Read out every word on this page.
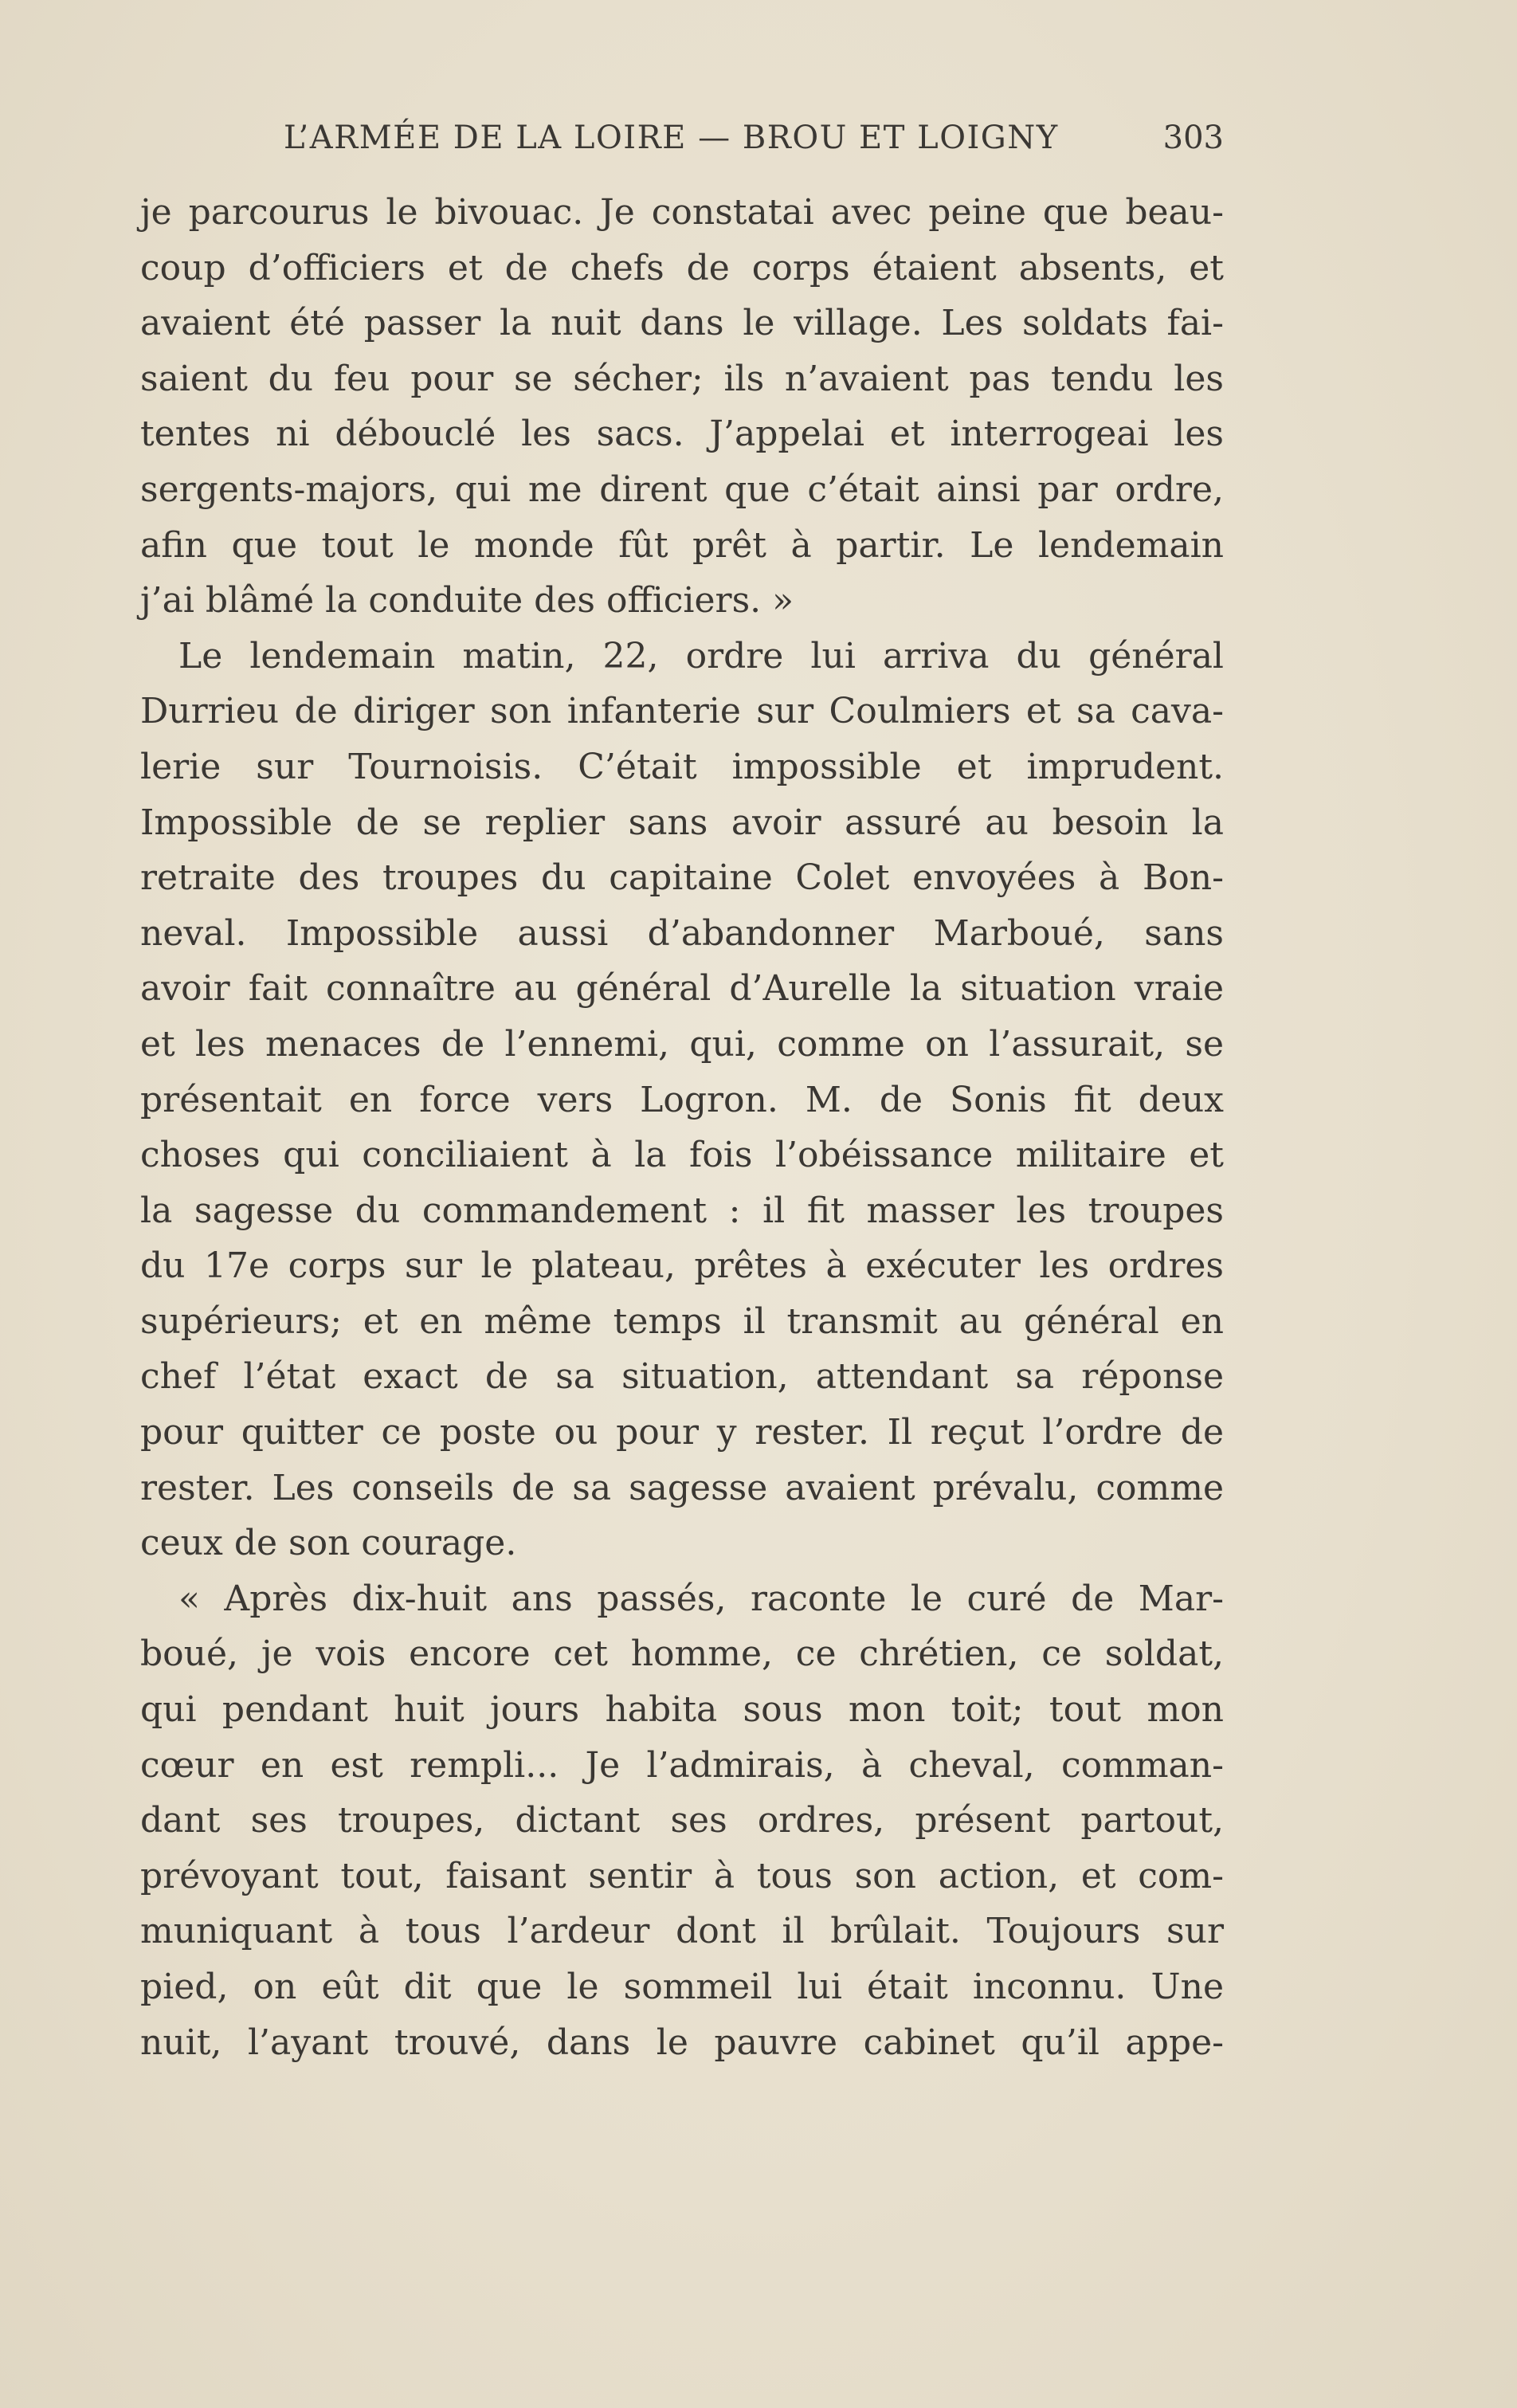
L’ARMÉE DE LA LOIRE — BROU ET LOIGNY	303
je parcourus le bivouac. Je constatai avec peine que beau-
coup d’officiers et de chefs de corps étaient absents, et
avaient été passer la nuit dans le village. Les soldats fai-
saient du feu pour se sécher; ils n’avaient pas tendu les
tentes ni débouclé les sacs. J’appelai et interrogeai les
sergents-majors, qui me dirent que c’était ainsi par ordre,
afin que tout le monde fût prêt à partir. Le lendemain
j’ai blâmé la conduite des officiers. »
Le lendemain matin, 22, ordre lui arriva du général
Durrieu de diriger son infanterie sur Coulmiers et sa cava-
lerie sur Tournoisis. C’était impossible et imprudent.
Impossible de se replier sans avoir assuré au besoin la
retraite des troupes du capitaine Colet envoyées à Bon-
neval. Impossible aussi d’abandonner Marboué, sans
avoir fait connaître au général d’Aurelle la situation vraie
et les menaces de l’ennemi, qui, comme on l’assurait, se
présentait en force vers Logron. M. de Sonis fit deux
choses qui conciliaient à la fois l’obéissance militaire et
la sagesse du commandement : il fit masser les troupes
du 17e corps sur le plateau, prêtes à exécuter les ordres
supérieurs; et en même temps il transmit au général en
chef l’état exact de sa situation, attendant sa réponse
pour quitter ce poste ou pour y rester. Il reçut l’ordre de
rester. Les conseils de sa sagesse avaient prévalu, comme
ceux de son courage.
« Après dix-huit ans passés, raconte le curé de Mar-
boué, je vois encore cet homme, ce chrétien, ce soldat,
qui pendant huit jours habita sous mon toit; tout mon
cœur en est rempli... Je l’admirais, à cheval, comman-
dant ses troupes, dictant ses ordres, présent partout,
prévoyant tout, faisant sentir à tous son action, et com-
muniquant à tous l’ardeur dont il brûlait. Toujours sur
pied, on eût dit que le sommeil lui était inconnu. Une
nuit, l’ayant trouvé, dans le pauvre cabinet qu’il appe-
